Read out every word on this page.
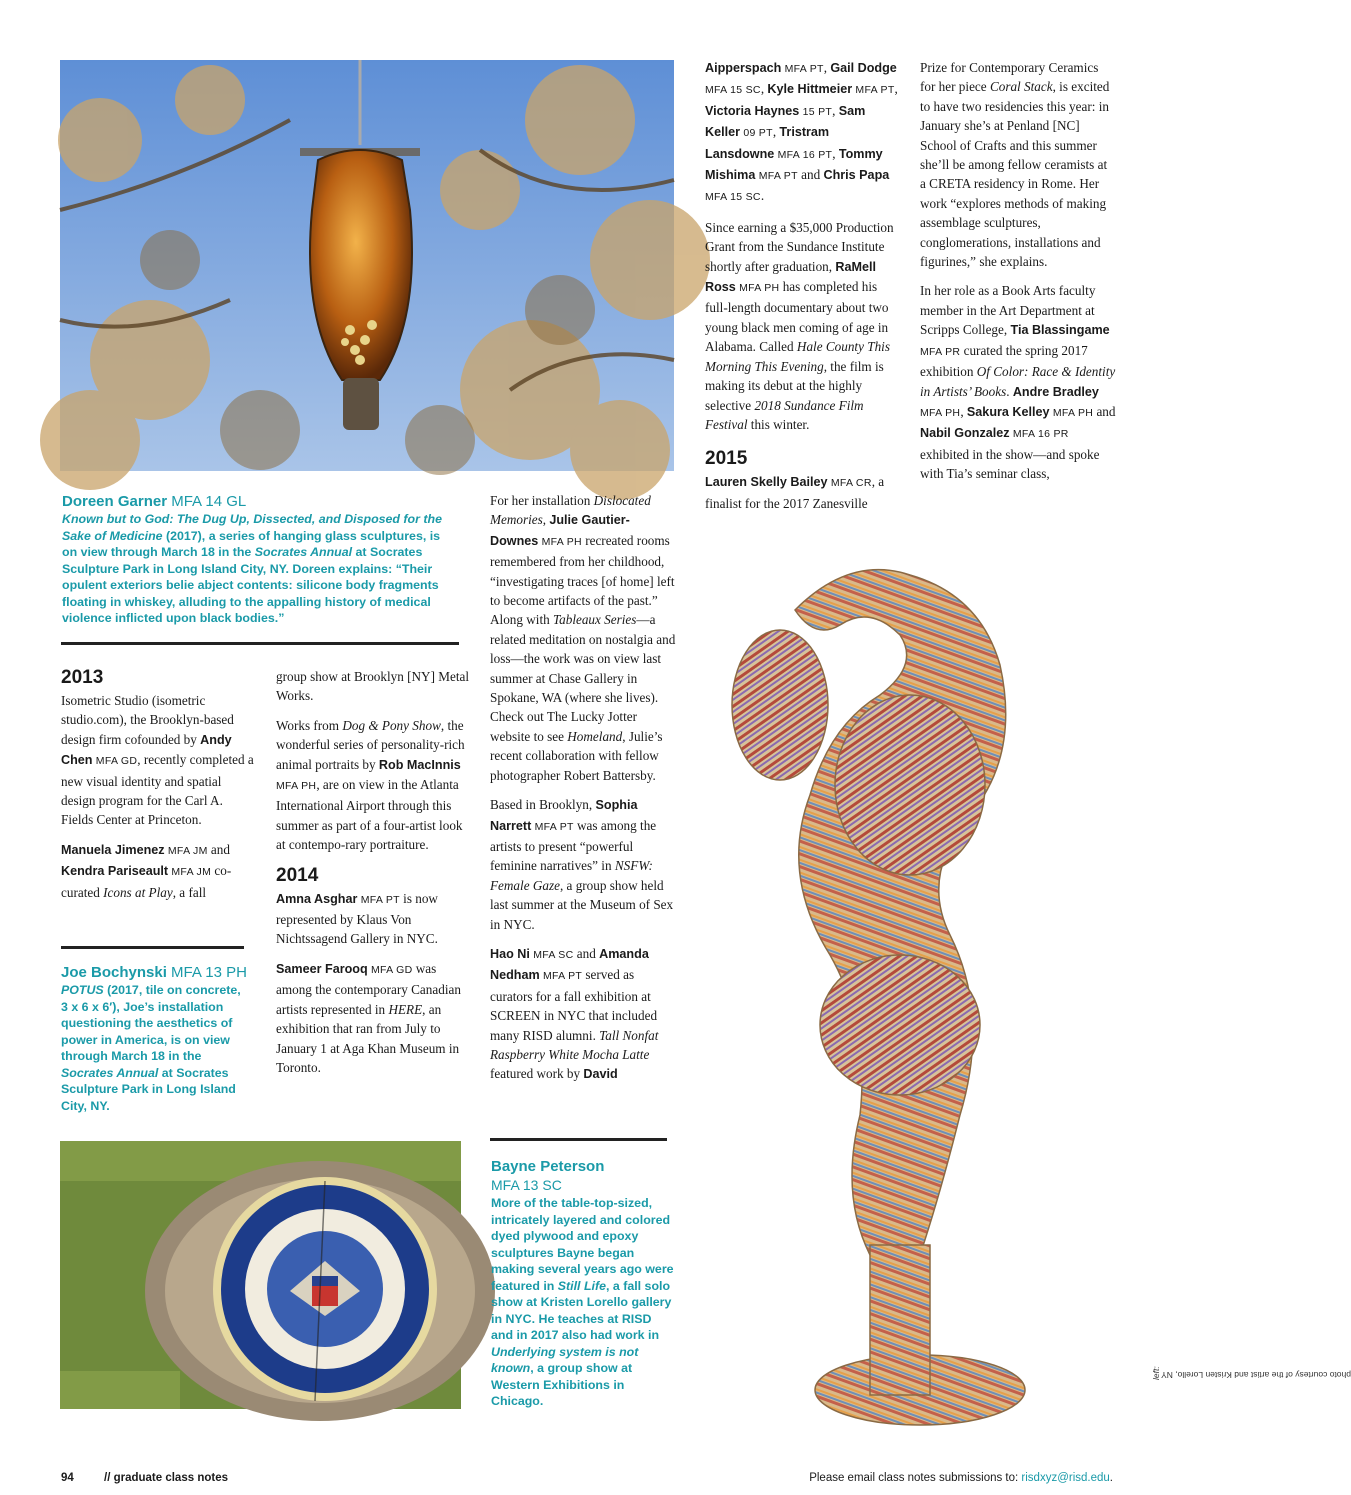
Doreen Garner MFA 14 GL
Known but to God: The Dug Up, Dissected, and Disposed for the Sake of Medicine (2017), a series of hanging glass sculptures, is on view through March 18 in the Socrates Annual at Socrates Sculpture Park in Long Island City, NY. Doreen explains: “Their opulent exteriors belie abject contents: silicone body fragments floating in whiskey, alluding to the appalling history of medical violence inflicted upon black bodies.”
2013

Isometric Studio (isometric studio.com), the Brooklyn-based design firm cofounded by Andy Chen MFA GD, recently completed a new visual identity and spatial design program for the Carl A. Fields Center at Princeton.

Manuela Jimenez MFA JM and Kendra Pariseault MFA JM co-curated Icons at Play, a fall

Joe Bochynski MFA 13 PH
POTUS (2017, tile on concrete, 3 x 6 x 6′), Joe’s installation questioning the aesthetics of power in America, is on view through March 18 in the Socrates Annual at Socrates Sculpture Park in Long Island City, NY.

group show at Brooklyn [NY] Metal Works.

Works from Dog & Pony Show, the wonderful series of personality-rich animal portraits by Rob MacInnis MFA PH, are on view in the Atlanta International Airport through this summer as part of a four-artist look at contempo-rary portraiture.

2014

Amna Asghar MFA PT is now represented by Klaus Von Nichtssagend Gallery in NYC.

Sameer Farooq MFA GD was among the contemporary Canadian artists represented in HERE, an exhibition that ran from July to January 1 at Aga Khan Museum in Toronto.

For her installation Dislocated Memories, Julie Gautier-Downes MFA PH recreated rooms remembered from her childhood, “investigating traces [of home] left to become artifacts of the past.” Along with Tableaux Series—a related meditation on nostalgia and loss—the work was on view last summer at Chase Gallery in Spokane, WA (where she lives). Check out The Lucky Jotter website to see Homeland, Julie’s recent collaboration with fellow photographer Robert Battersby.

Based in Brooklyn, Sophia Narrett MFA PT was among the artists to present “powerful feminine narratives” in NSFW: Female Gaze, a group show held last summer at the Museum of Sex in NYC.

Hao Ni MFA SC and Amanda Nedham MFA PT served as curators for a fall exhibition at SCREEN in NYC that included many RISD alumni. Tall Nonfat Raspberry White Mocha Latte featured work by David

Bayne Peterson
MFA 13 SC
More of the table-top-sized, intricately layered and colored dyed plywood and epoxy sculptures Bayne began making several years ago were featured in Still Life, a fall solo show at Kristen Lorello gallery in NYC. He teaches at RISD and in 2017 also had work in Underlying system is not known, a group show at Western Exhibitions in Chicago.

Aipperspach MFA PT, Gail Dodge MFA 15 SC, Kyle Hittmeier MFA PT, Victoria Haynes 15 PT, Sam Keller 09 PT, Tristram Lansdowne MFA 16 PT, Tommy Mishima MFA PT and Chris Papa MFA 15 SC.

Since earning a $35,000 Production Grant from the Sundance Institute shortly after graduation, RaMell Ross MFA PH has completed his full-length documentary about two young black men coming of age in Alabama. Called Hale County This Morning This Evening, the film is making its debut at the highly selective 2018 Sundance Film Festival this winter.

2015

Lauren Skelly Bailey MFA CR, a finalist for the 2017 Zanesville

Prize for Contemporary Ceramics for her piece Coral Stack, is excited to have two residencies this year: in January she’s at Penland [NC] School of Crafts and this summer she’ll be among fellow ceramists at a CRETA residency in Rome. Her work “explores methods of making assemblage sculptures, conglomerations, installations and figurines,” she explains.

In her role as a Book Arts faculty member in the Art Department at Scripps College, Tia Blassingame MFA PR curated the spring 2017 exhibition Of Color: Race & Identity in Artists’ Books. Andre Bradley MFA PH, Sakura Kelley MFA PH and Nabil Gonzalez MFA 16 PR exhibited in the show—and spoke with Tia’s seminar class,

left: photo courtesy of the artist and Kristen Lorello, NY
94	// graduate class notes	Please email class notes submissions to: risdxyz@risd.edu.
